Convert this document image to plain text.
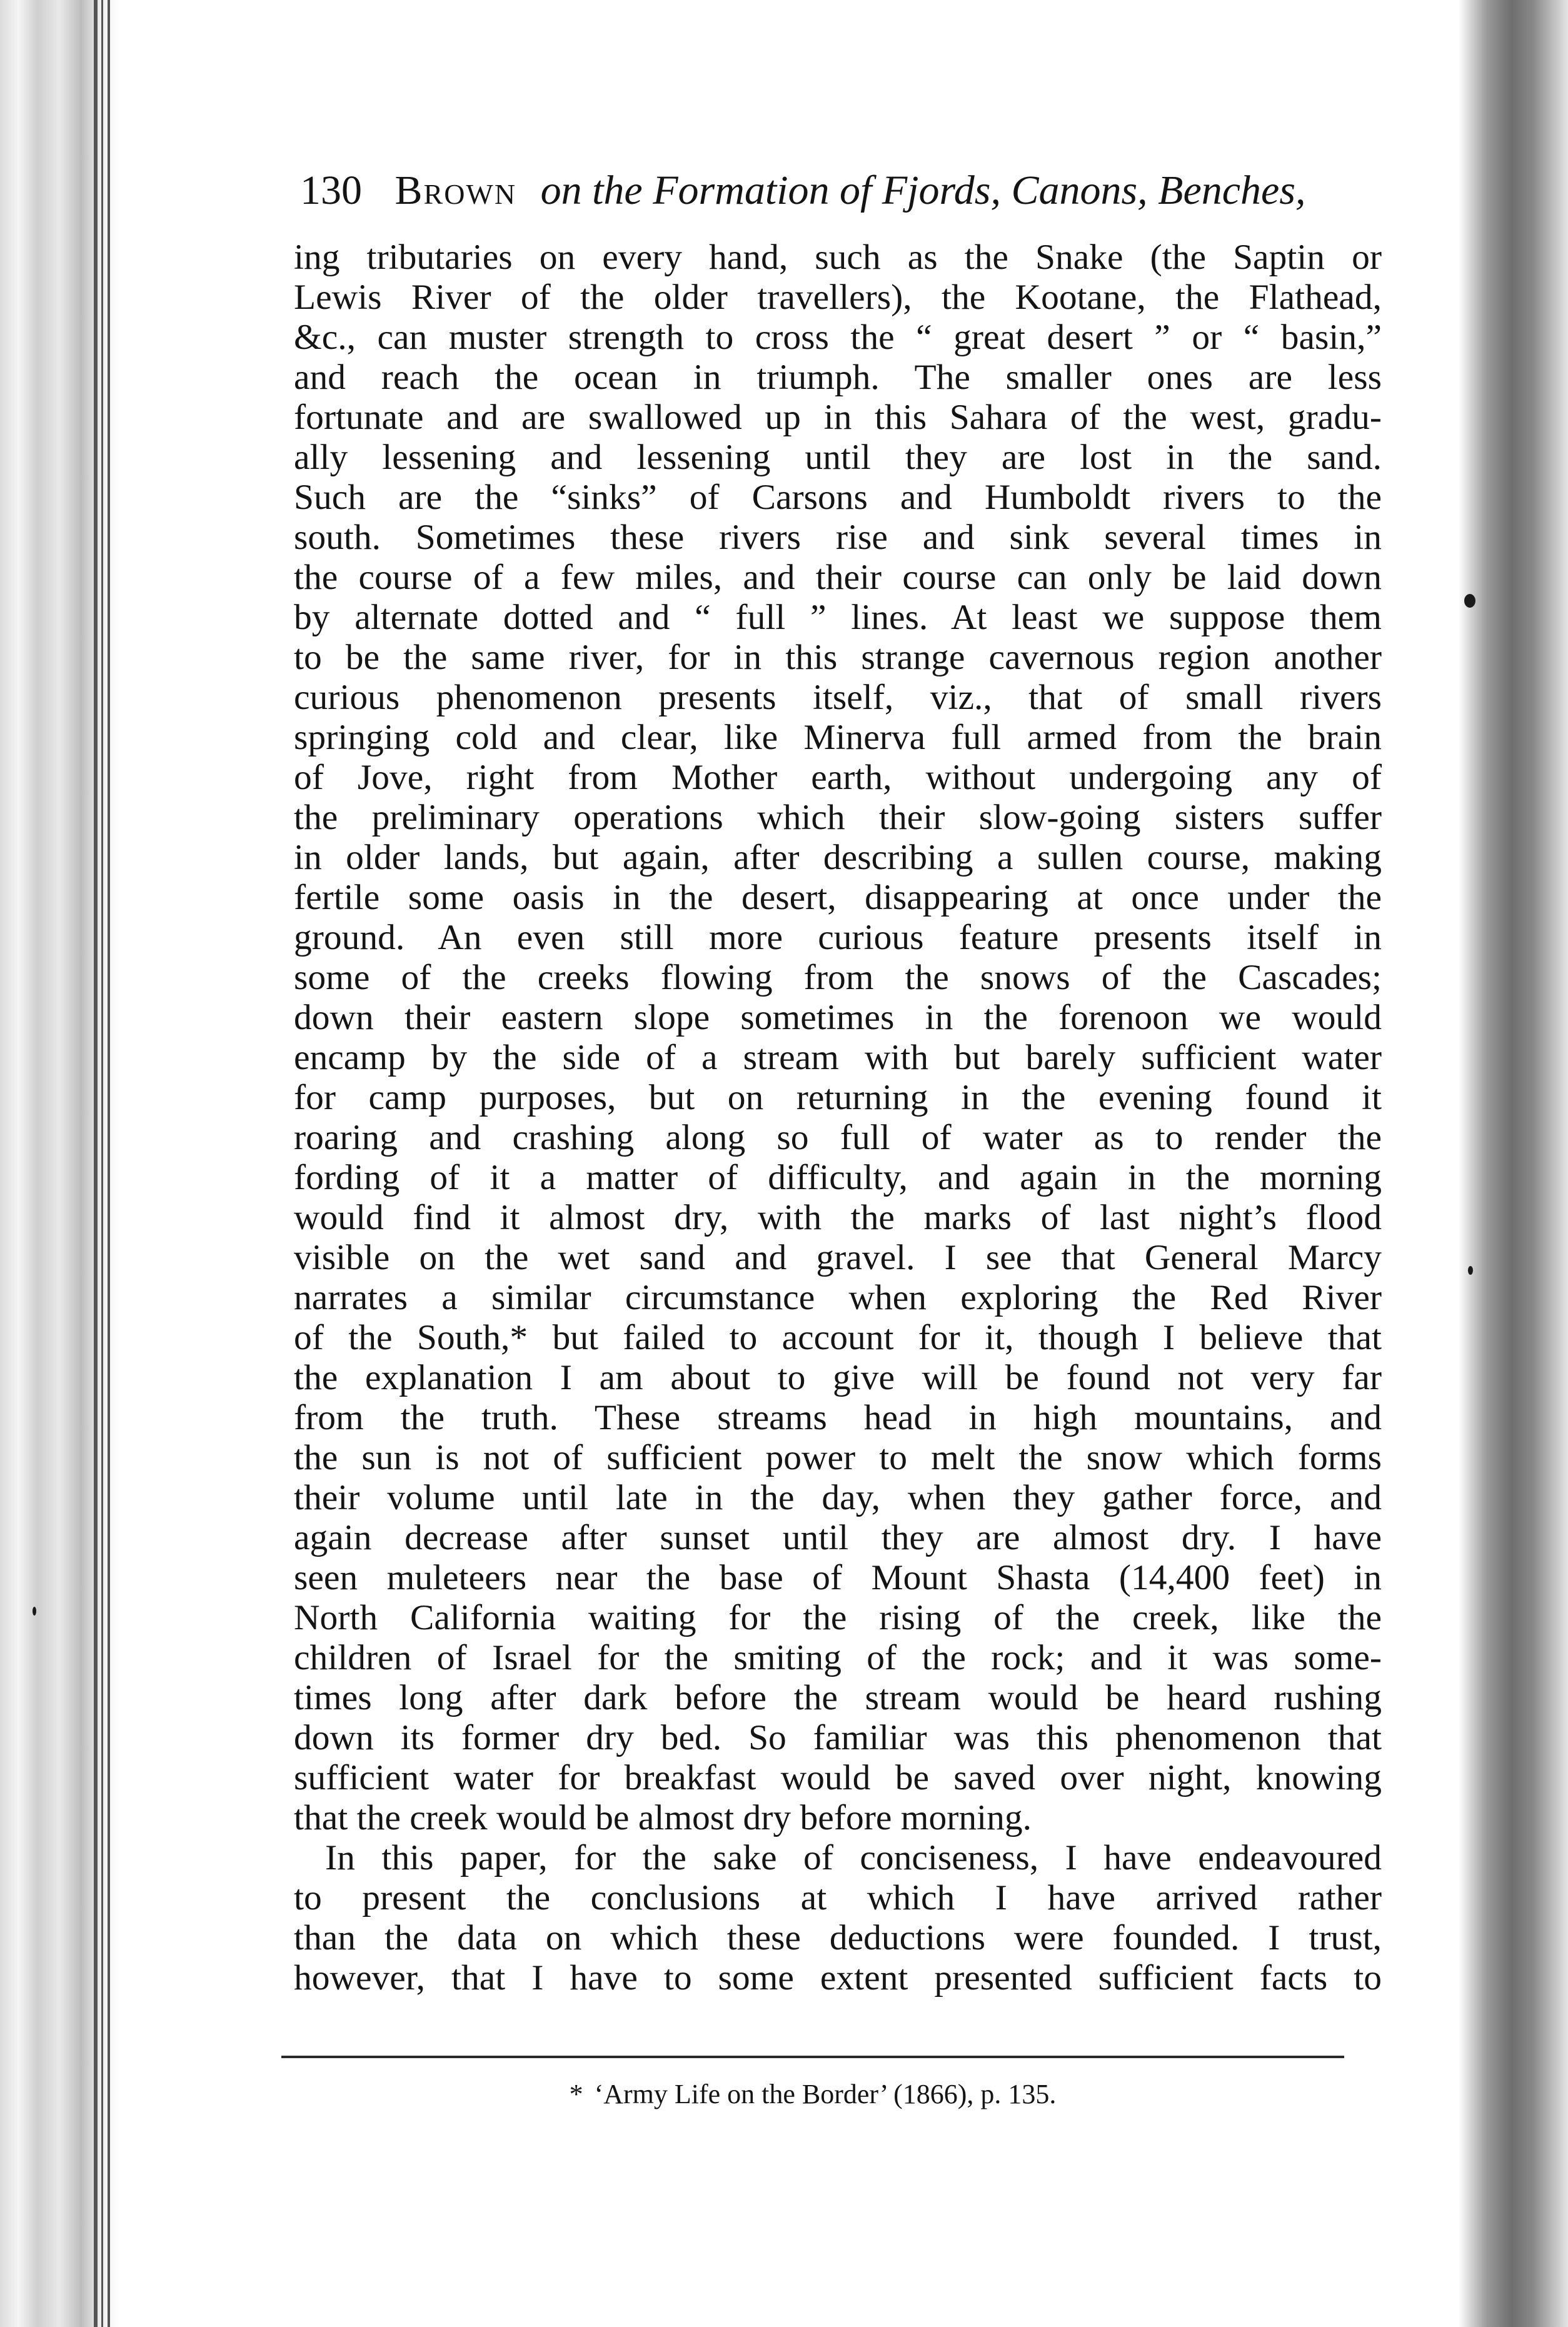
130 Brown on the Formation of Fjords, Canons, Benches,
ing tributaries on every hand, such as the Snake (the Saptin or
Lewis River of the older travellers), the Kootane, the Flathead,
&c., can muster strength to cross the “ great desert ” or “ basin,”
and reach the ocean in triumph. The smaller ones are less
fortunate and are swallowed up in this Sahara of the west, gradu-
ally lessening and lessening until they are lost in the sand.
Such are the “sinks” of Carsons and Humboldt rivers to the
south. Sometimes these rivers rise and sink several times in
the course of a few miles, and their course can only be laid down
by alternate dotted and “ full ” lines. At least we suppose them
to be the same river, for in this strange cavernous region another
curious phenomenon presents itself, viz., that of small rivers
springing cold and clear, like Minerva full armed from the brain
of Jove, right from Mother earth, without undergoing any of
the preliminary operations which their slow-going sisters suffer
in older lands, but again, after describing a sullen course, making
fertile some oasis in the desert, disappearing at once under the
ground. An even still more curious feature presents itself in
some of the creeks flowing from the snows of the Cascades;
down their eastern slope sometimes in the forenoon we would
encamp by the side of a stream with but barely sufficient water
for camp purposes, but on returning in the evening found it
roaring and crashing along so full of water as to render the
fording of it a matter of difficulty, and again in the morning
would find it almost dry, with the marks of last night’s flood
visible on the wet sand and gravel. I see that General Marcy
narrates a similar circumstance when exploring the Red River
of the South,* but failed to account for it, though I believe that
the explanation I am about to give will be found not very far
from the truth. These streams head in high mountains, and
the sun is not of sufficient power to melt the snow which forms
their volume until late in the day, when they gather force, and
again decrease after sunset until they are almost dry. I have
seen muleteers near the base of Mount Shasta (14,400 feet) in
North California waiting for the rising of the creek, like the
children of Israel for the smiting of the rock; and it was some-
times long after dark before the stream would be heard rushing
down its former dry bed. So familiar was this phenomenon that
sufficient water for breakfast would be saved over night, knowing
that the creek would be almost dry before morning.
In this paper, for the sake of conciseness, I have endeavoured
to present the conclusions at which I have arrived rather
than the data on which these deductions were founded. I trust,
however, that I have to some extent presented sufficient facts to
* ‘Army Life on the Border’ (1866), p. 135.
